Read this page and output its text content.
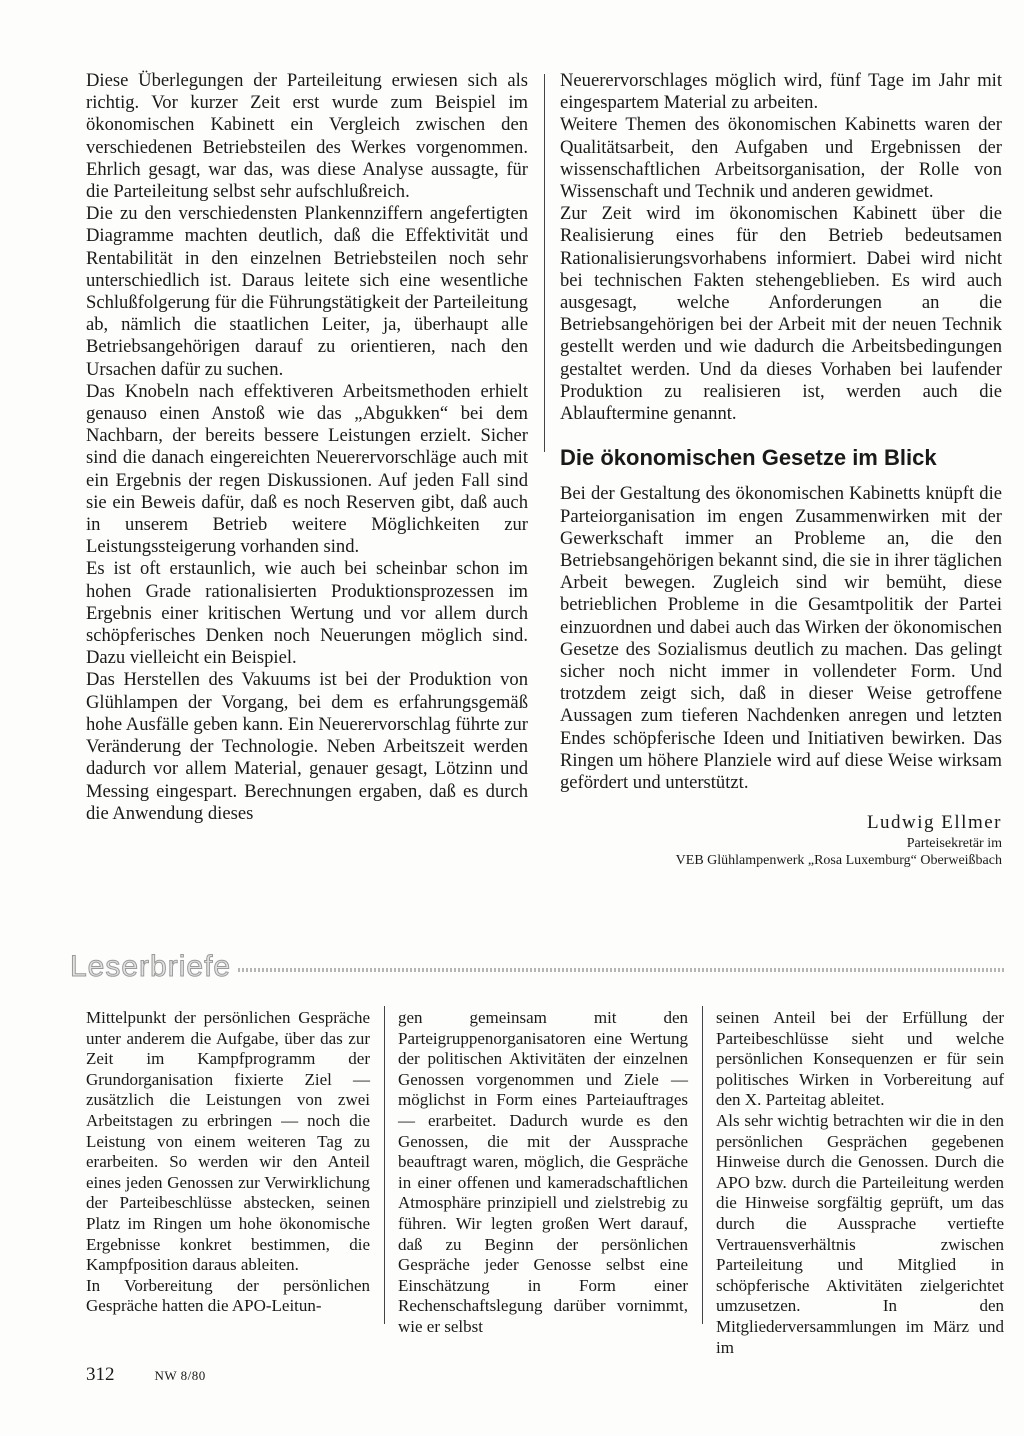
Diese Überlegungen der Parteileitung erwiesen sich als richtig. Vor kurzer Zeit erst wurde zum Beispiel im ökonomischen Kabinett ein Vergleich zwischen den verschiedenen Betriebsteilen des Werkes vorgenommen. Ehrlich gesagt, war das, was diese Analyse aussagte, für die Parteileitung selbst sehr aufschlußreich.

Die zu den verschiedensten Plankennziffern angefertigten Diagramme machten deutlich, daß die Effektivität und Rentabilität in den einzelnen Betriebsteilen noch sehr unterschiedlich ist. Daraus leitete sich eine wesentliche Schlußfolgerung für die Führungstätigkeit der Parteileitung ab, nämlich die staatlichen Leiter, ja, überhaupt alle Betriebsangehörigen darauf zu orientieren, nach den Ursachen dafür zu suchen.

Das Knobeln nach effektiveren Arbeitsmethoden erhielt genauso einen Anstoß wie das „Abgukken“ bei dem Nachbarn, der bereits bessere Leistungen erzielt. Sicher sind die danach eingereichten Neuerervorschläge auch mit ein Ergebnis der regen Diskussionen. Auf jeden Fall sind sie ein Beweis dafür, daß es noch Reserven gibt, daß auch in unserem Betrieb weitere Möglichkeiten zur Leistungssteigerung vorhanden sind.

Es ist oft erstaunlich, wie auch bei scheinbar schon im hohen Grade rationalisierten Produktionsprozessen im Ergebnis einer kritischen Wertung und vor allem durch schöpferisches Denken noch Neuerungen möglich sind. Dazu vielleicht ein Beispiel.

Das Herstellen des Vakuums ist bei der Produktion von Glühlampen der Vorgang, bei dem es erfahrungsgemäß hohe Ausfälle geben kann. Ein Neuerervorschlag führte zur Veränderung der Technologie. Neben Arbeitszeit werden dadurch vor allem Material, genauer gesagt, Lötzinn und Messing eingespart. Berechnungen ergaben, daß es durch die Anwendung dieses

Neuerervorschlages möglich wird, fünf Tage im Jahr mit eingespartem Material zu arbeiten.

Weitere Themen des ökonomischen Kabinetts waren der Qualitätsarbeit, den Aufgaben und Ergebnissen der wissenschaftlichen Arbeitsorganisation, der Rolle von Wissenschaft und Technik und anderen gewidmet.

Zur Zeit wird im ökonomischen Kabinett über die Realisierung eines für den Betrieb bedeutsamen Rationalisierungsvorhabens informiert. Dabei wird nicht bei technischen Fakten stehengeblieben. Es wird auch ausgesagt, welche Anforderungen an die Betriebsangehörigen bei der Arbeit mit der neuen Technik gestellt werden und wie dadurch die Arbeitsbedingungen gestaltet werden. Und da dieses Vorhaben bei laufender Produktion zu realisieren ist, werden auch die Ablauftermine genannt.

Die ökonomischen Gesetze im Blick

Bei der Gestaltung des ökonomischen Kabinetts knüpft die Parteiorganisation im engen Zusammenwirken mit der Gewerkschaft immer an Probleme an, die den Betriebsangehörigen bekannt sind, die sie in ihrer täglichen Arbeit bewegen. Zugleich sind wir bemüht, diese betrieblichen Probleme in die Gesamtpolitik der Partei einzuordnen und dabei auch das Wirken der ökonomischen Gesetze des Sozialismus deutlich zu machen. Das gelingt sicher noch nicht immer in vollendeter Form. Und trotzdem zeigt sich, daß in dieser Weise getroffene Aussagen zum tieferen Nachdenken anregen und letzten Endes schöpferische Ideen und Initiativen bewirken. Das Ringen um höhere Planziele wird auf diese Weise wirksam gefördert und unterstützt.

Ludwig Ellmer
Parteisekretär im
VEB Glühlampenwerk „Rosa Luxemburg“ Oberweißbach
Leserbriefe

Mittelpunkt der persönlichen Gespräche unter anderem die Aufgabe, über das zur Zeit im Kampfprogramm der Grundorganisation fixierte Ziel — zusätzlich die Leistungen von zwei Arbeitstagen zu erbringen — noch die Leistung von einem weiteren Tag zu erarbeiten. So werden wir den Anteil eines jeden Genossen zur Verwirklichung der Parteibeschlüsse abstecken, seinen Platz im Ringen um hohe ökonomische Ergebnisse konkret bestimmen, die Kampfposition daraus ableiten.

In Vorbereitung der persönlichen Gespräche hatten die APO-Leitun-

gen gemeinsam mit den Parteigruppenorganisatoren eine Wertung der politischen Aktivitäten der einzelnen Genossen vorgenommen und Ziele — möglichst in Form eines Parteiauftrages — erarbeitet. Dadurch wurde es den Genossen, die mit der Aussprache beauftragt waren, möglich, die Gespräche in einer offenen und kameradschaftlichen Atmosphäre prinzipiell und zielstrebig zu führen. Wir legten großen Wert darauf, daß zu Beginn der persönlichen Gespräche jeder Genosse selbst eine Einschätzung in Form einer Rechenschaftslegung darüber vornimmt, wie er selbst

seinen Anteil bei der Erfüllung der Parteibeschlüsse sieht und welche persönlichen Konsequenzen er für sein politisches Wirken in Vorbereitung auf den X. Parteitag ableitet.

Als sehr wichtig betrachten wir die in den persönlichen Gesprächen gegebenen Hinweise durch die Genossen. Durch die APO bzw. durch die Parteileitung werden die Hinweise sorgfältig geprüft, um das durch die Aussprache vertiefte Vertrauensverhältnis zwischen Parteileitung und Mitglied in schöpferische Aktivitäten zielgerichtet umzusetzen. In den Mitgliederversammlungen im März und im

312	NW 8/80
